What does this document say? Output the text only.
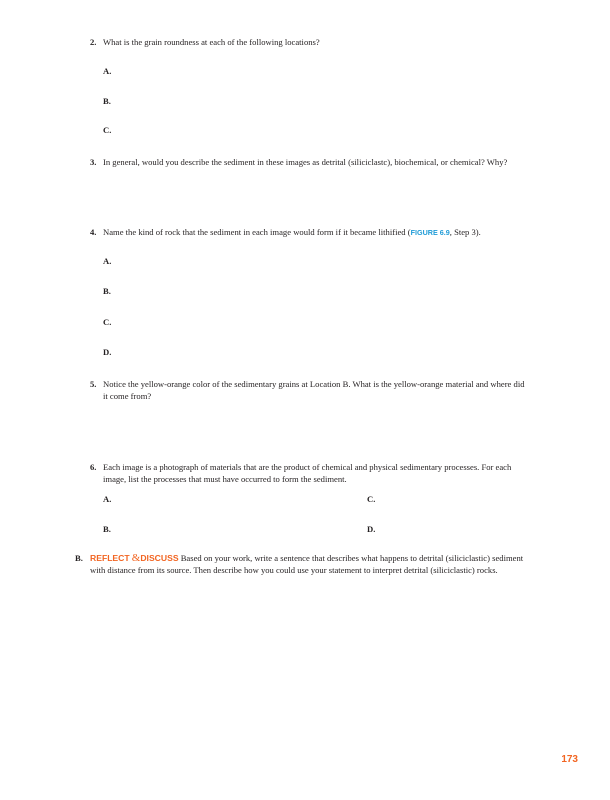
2. What is the grain roundness at each of the following locations?
A.
B.
C.
3. In general, would you describe the sediment in these images as detrital (siliciclastc), biochemical, or chemical? Why?
4. Name the kind of rock that the sediment in each image would form if it became lithified (FIGURE 6.9, Step 3).
A.
B.
C.
D.
5. Notice the yellow-orange color of the sedimentary grains at Location B. What is the yellow-orange material and where did
it come from?
6. Each image is a photograph of materials that are the product of chemical and physical sedimentary processes. For each
image, list the processes that must have occurred to form the sediment.
A.	C.
B.	D.
B. REFLECT &DISCUSS Based on your work, write a sentence that describes what happens to detrital (siliciclastic) sediment
with distance from its source. Then describe how you could use your statement to interpret detrital (siliciclastic) rocks.
173
